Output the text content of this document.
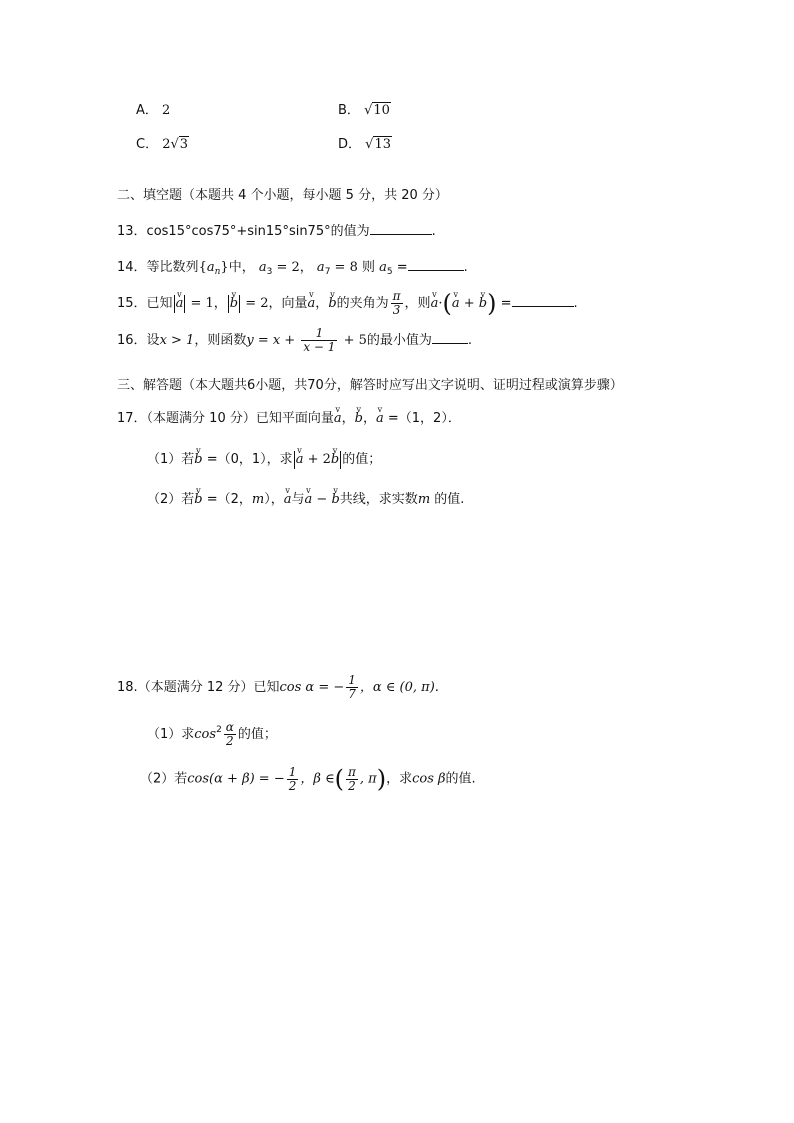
A． 2	B． √10
C． 2√3	D． √13
二、填空题（本题共 4 个小题，每小题 5 分，共 20 分）
13．cos15°cos75°+sin15°sin75°的值为	.
14．等比数列$\{a_n\}$中， $a_3 = 2$， $a_7 = 8$ 则 $a_5$ =	.
15．已知 v a = 1， v b = 2，向量v a，v b的夹角为 $\frac{\pi}{3}$ ，则v a·(v a + v b) =	.
16．设x > 1，则函数$y = x + \frac{1}{x - 1} + 5$的最小值为	.
三、解答题（本大题共6小题，共70分，解答时应写出文字说明、证明过程或演算步骤）
17．（本题满分 10 分）已知平面向量v a，v b，v a =（1，2）．
（1）若v b =（0，1），求 v a + 2v b 的值；
（2）若v b =（2，m），v a与v a − v b共线，求实数m 的值.
18.（本题满分 12 分）已知cos α = − $\frac{1}{7}$ ，α ∈ (0, π).
（1）求$\cos^2 \frac{\alpha}{2}$ 的值；
（2）若cos(α + β) = − $\frac{1}{2}$ ，β ∈( $\frac{\pi}{2}$ , π)，求cos β的值.
